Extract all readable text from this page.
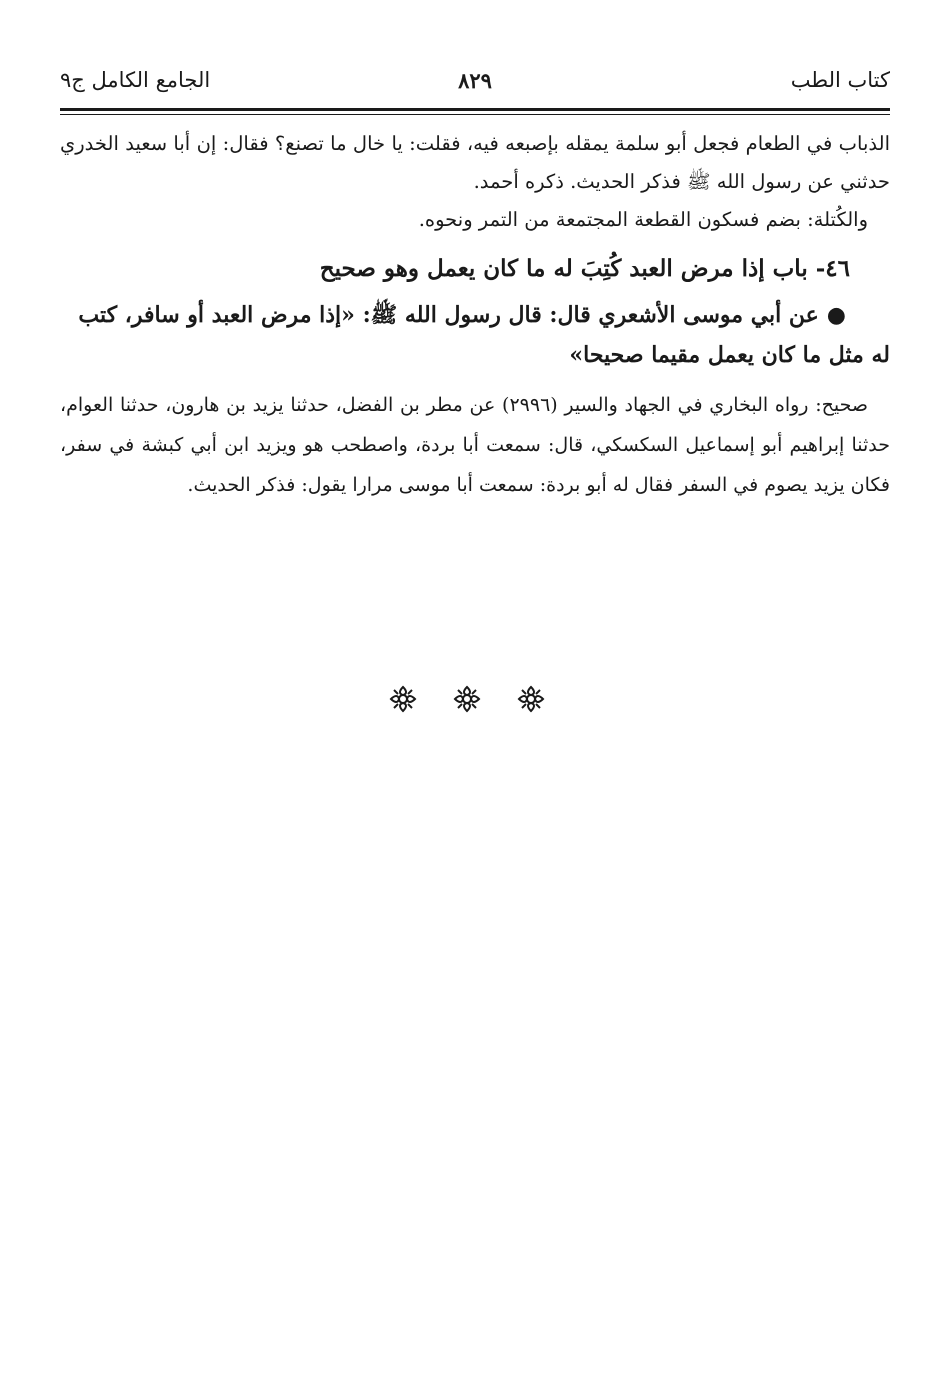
كتاب الطب
٨٢٩
الجامع الكامل ج٩

الذباب في الطعام فجعل أبو سلمة يمقله بإصبعه فيه، فقلت: يا خال ما تصنع؟ فقال: إن أبا سعيد الخدري حدثني عن رسول الله ﷺ فذكر الحديث. ذكره أحمد.

والكُتلة: بضم فسكون القطعة المجتمعة من التمر ونحوه.

٤٦- باب إذا مرض العبد كُتِبَ له ما كان يعمل وهو صحيح

●عن أبي موسى الأشعري قال: قال رسول الله ﷺ: «إذا مرض العبد أو سافر، كتب له مثل ما كان يعمل مقيما صحيحا»

صحيح: رواه البخاري في الجهاد والسير (٢٩٩٦) عن مطر بن الفضل، حدثنا يزيد بن هارون، حدثنا العوام، حدثنا إبراهيم أبو إسماعيل السكسكي، قال: سمعت أبا بردة، واصطحب هو ويزيد ابن أبي كبشة في سفر، فكان يزيد يصوم في السفر فقال له أبو بردة: سمعت أبا موسى مرارا يقول: فذكر الحديث.
